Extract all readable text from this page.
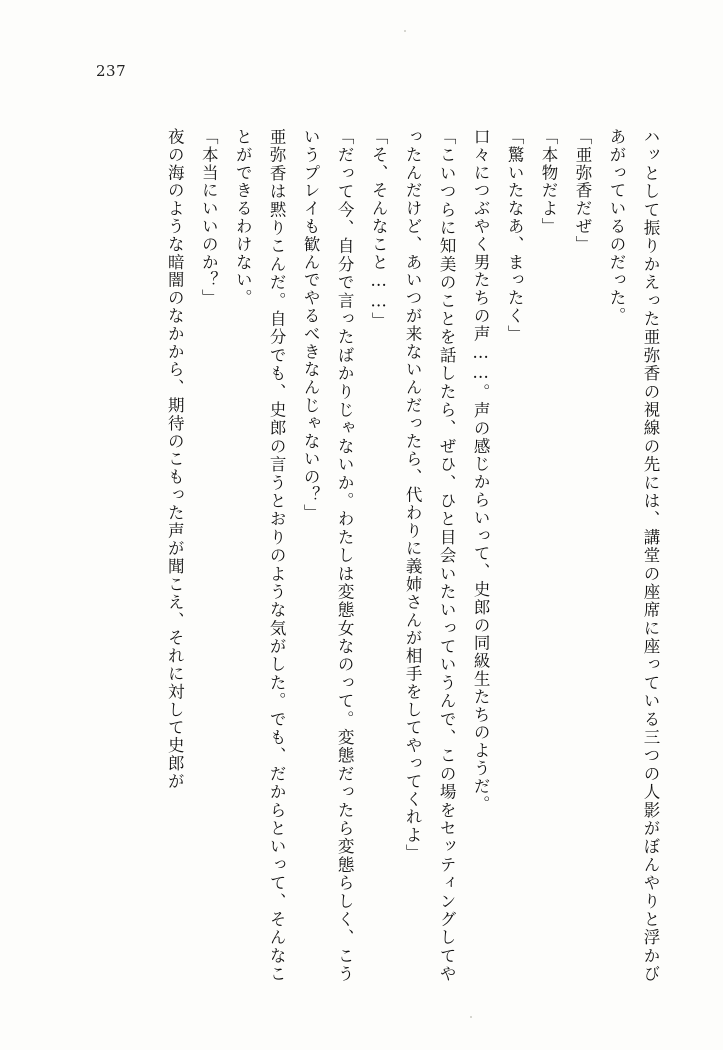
237

ハッとして振りかえった亜弥香の視線の先には、講堂の座席に座っている三つの人影がぼんやりと浮かびあがっているのだった。

「亜弥香だぜ」

「本物だよ」

「驚いたなあ、まったく」

口々につぶやく男たちの声……。声の感じからいって、史郎の同級生たちのようだ。

「こいつらに知美のことを話したら、ぜひ、ひと目会いたいっていうんで、この場をセッティングしてやったんだけど、あいつが来ないんだったら、代わりに義姉さんが相手をしてやってくれよ」

「そ、そんなこと……」

「だって今、自分で言ったばかりじゃないか。わたしは変態女なのって。変態だったら変態らしく、こういうプレイも歓んでやるべきなんじゃないの？」

亜弥香は黙りこんだ。自分でも、史郎の言うとおりのような気がした。でも、だからといって、そんなことができるわけない。

「本当にいいのか？」

夜の海のような暗闇のなかから、期待のこもった声が聞こえ、それに対して史郎が
